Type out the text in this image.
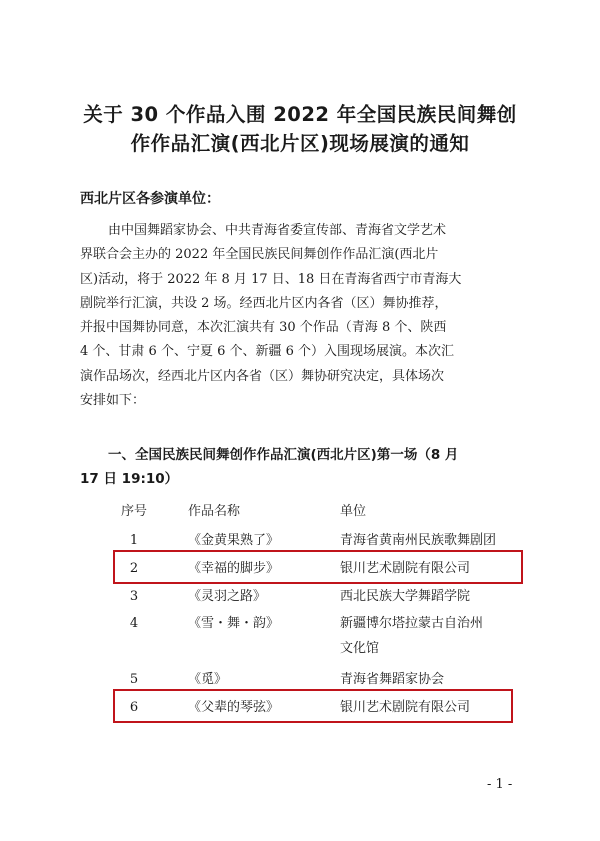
关于 30 个作品入围 2022 年全国民族民间舞创
作作品汇演(西北片区)现场展演的通知
西北片区各参演单位：
由中国舞蹈家协会、中共青海省委宣传部、青海省文学艺术
界联合会主办的 2022 年全国民族民间舞创作作品汇演(西北片
区)活动，将于 2022 年 8 月 17 日、18 日在青海省西宁市青海大
剧院举行汇演，共设 2 场。经西北片区内各省（区）舞协推荐，
并报中国舞协同意，本次汇演共有 30 个作品（青海 8 个、陕西
4 个、甘肃 6 个、宁夏 6 个、新疆 6 个）入围现场展演。本次汇
演作品场次，经西北片区内各省（区）舞协研究决定，具体场次
安排如下：
一、全国民族民间舞创作作品汇演(西北片区)第一场（8 月
17 日 19:10）
序号	作品名称	单位
1	《金黄果熟了》	青海省黄南州民族歌舞剧团
2	《幸福的脚步》	银川艺术剧院有限公司
3	《灵羽之路》	西北民族大学舞蹈学院
4	《雪・舞・韵》	新疆博尔塔拉蒙古自治州
文化馆
5	《觅》	青海省舞蹈家协会
6	《父辈的琴弦》	银川艺术剧院有限公司
- 1 -
